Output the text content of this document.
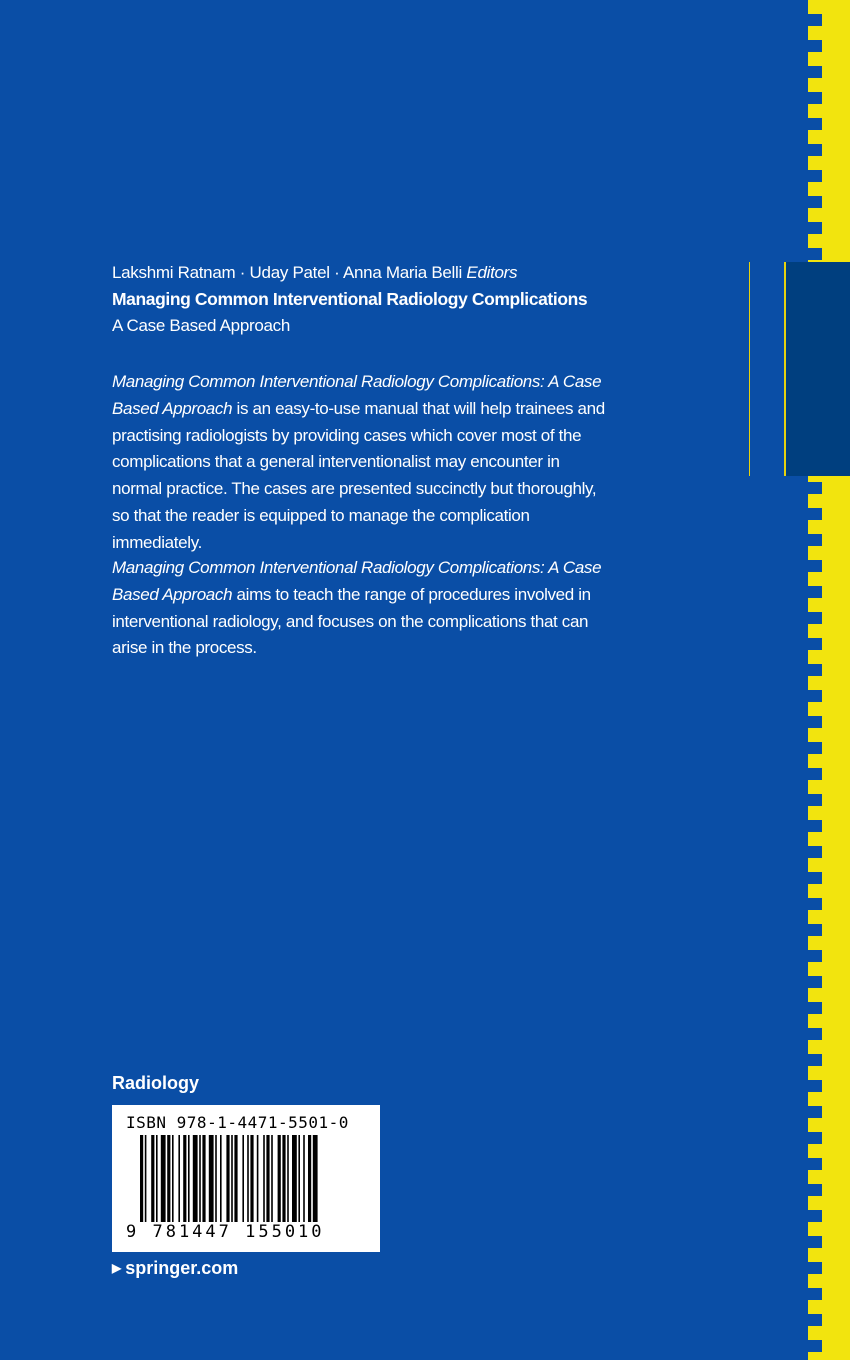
Lakshmi Ratnam · Uday Patel · Anna Maria Belli Editors
Managing Common Interventional Radiology Complications
A Case Based Approach
Managing Common Interventional Radiology Complications: A Case Based Approach is an easy-to-use manual that will help trainees and practising radiologists by providing cases which cover most of the complications that a general interventionalist may encounter in normal practice. The cases are presented succinctly but thoroughly, so that the reader is equipped to manage the complication immediately.
Managing Common Interventional Radiology Complications: A Case Based Approach aims to teach the range of procedures involved in interventional radiology, and focuses on the complications that can arise in the process.
Radiology
ISBN 978-1-4471-5501-0
9 781447 155010
▶ springer.com
